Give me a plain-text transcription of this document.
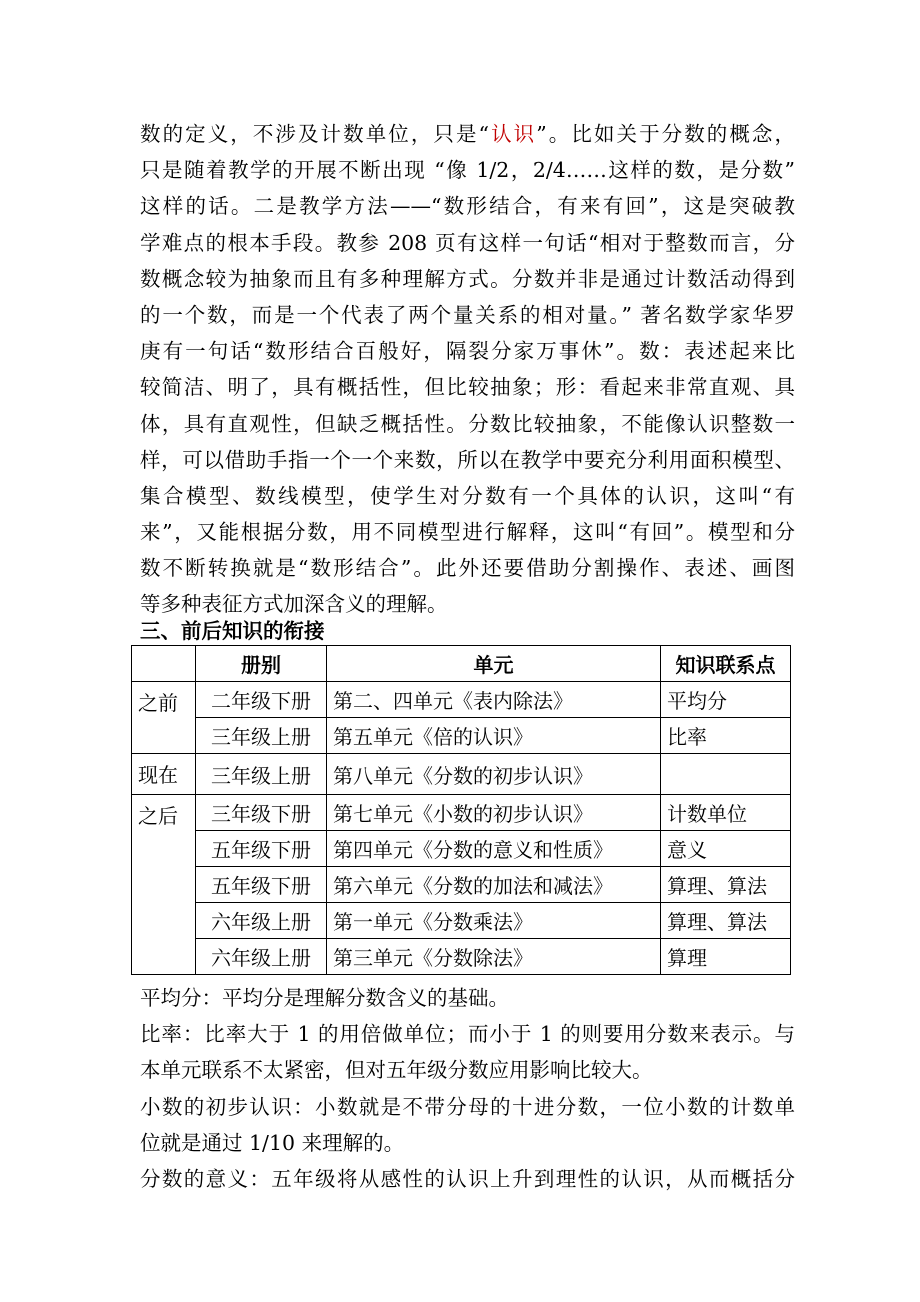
数的定义，不涉及计数单位，只是“认识”。比如关于分数的概念，
只是随着教学的开展不断出现 “像 1/2，2/4……这样的数，是分数”
这样的话。二是教学方法——“数形结合，有来有回”，这是突破教
学难点的根本手段。教参 208 页有这样一句话“相对于整数而言，分
数概念较为抽象而且有多种理解方式。分数并非是通过计数活动得到
的一个数，而是一个代表了两个量关系的相对量。” 著名数学家华罗
庚有一句话“数形结合百般好，隔裂分家万事休”。数：表述起来比
较简洁、明了，具有概括性，但比较抽象；形：看起来非常直观、具
体，具有直观性，但缺乏概括性。分数比较抽象，不能像认识整数一
样，可以借助手指一个一个来数，所以在教学中要充分利用面积模型、
集合模型、数线模型，使学生对分数有一个具体的认识，这叫“有
来”，又能根据分数，用不同模型进行解释，这叫“有回”。模型和分
数不断转换就是“数形结合”。此外还要借助分割操作、表述、画图
等多种表征方式加深含义的理解。
三、前后知识的衔接
	册别	单元	知识联系点
之前	二年级下册	第二、四单元《表内除法》	平均分
	三年级上册	第五单元《倍的认识》	比率
现在	三年级上册	第八单元《分数的初步认识》	
之后	三年级下册	第七单元《小数的初步认识》	计数单位
	五年级下册	第四单元《分数的意义和性质》	意义
	五年级下册	第六单元《分数的加法和减法》	算理、算法
	六年级上册	第一单元《分数乘法》	算理、算法
	六年级上册	第三单元《分数除法》	算理
平均分：平均分是理解分数含义的基础。
比率：比率大于 1 的用倍做单位；而小于 1 的则要用分数来表示。与
本单元联系不太紧密，但对五年级分数应用影响比较大。
小数的初步认识：小数就是不带分母的十进分数，一位小数的计数单
位就是通过 1/10 来理解的。
分数的意义：五年级将从感性的认识上升到理性的认识，从而概括分
